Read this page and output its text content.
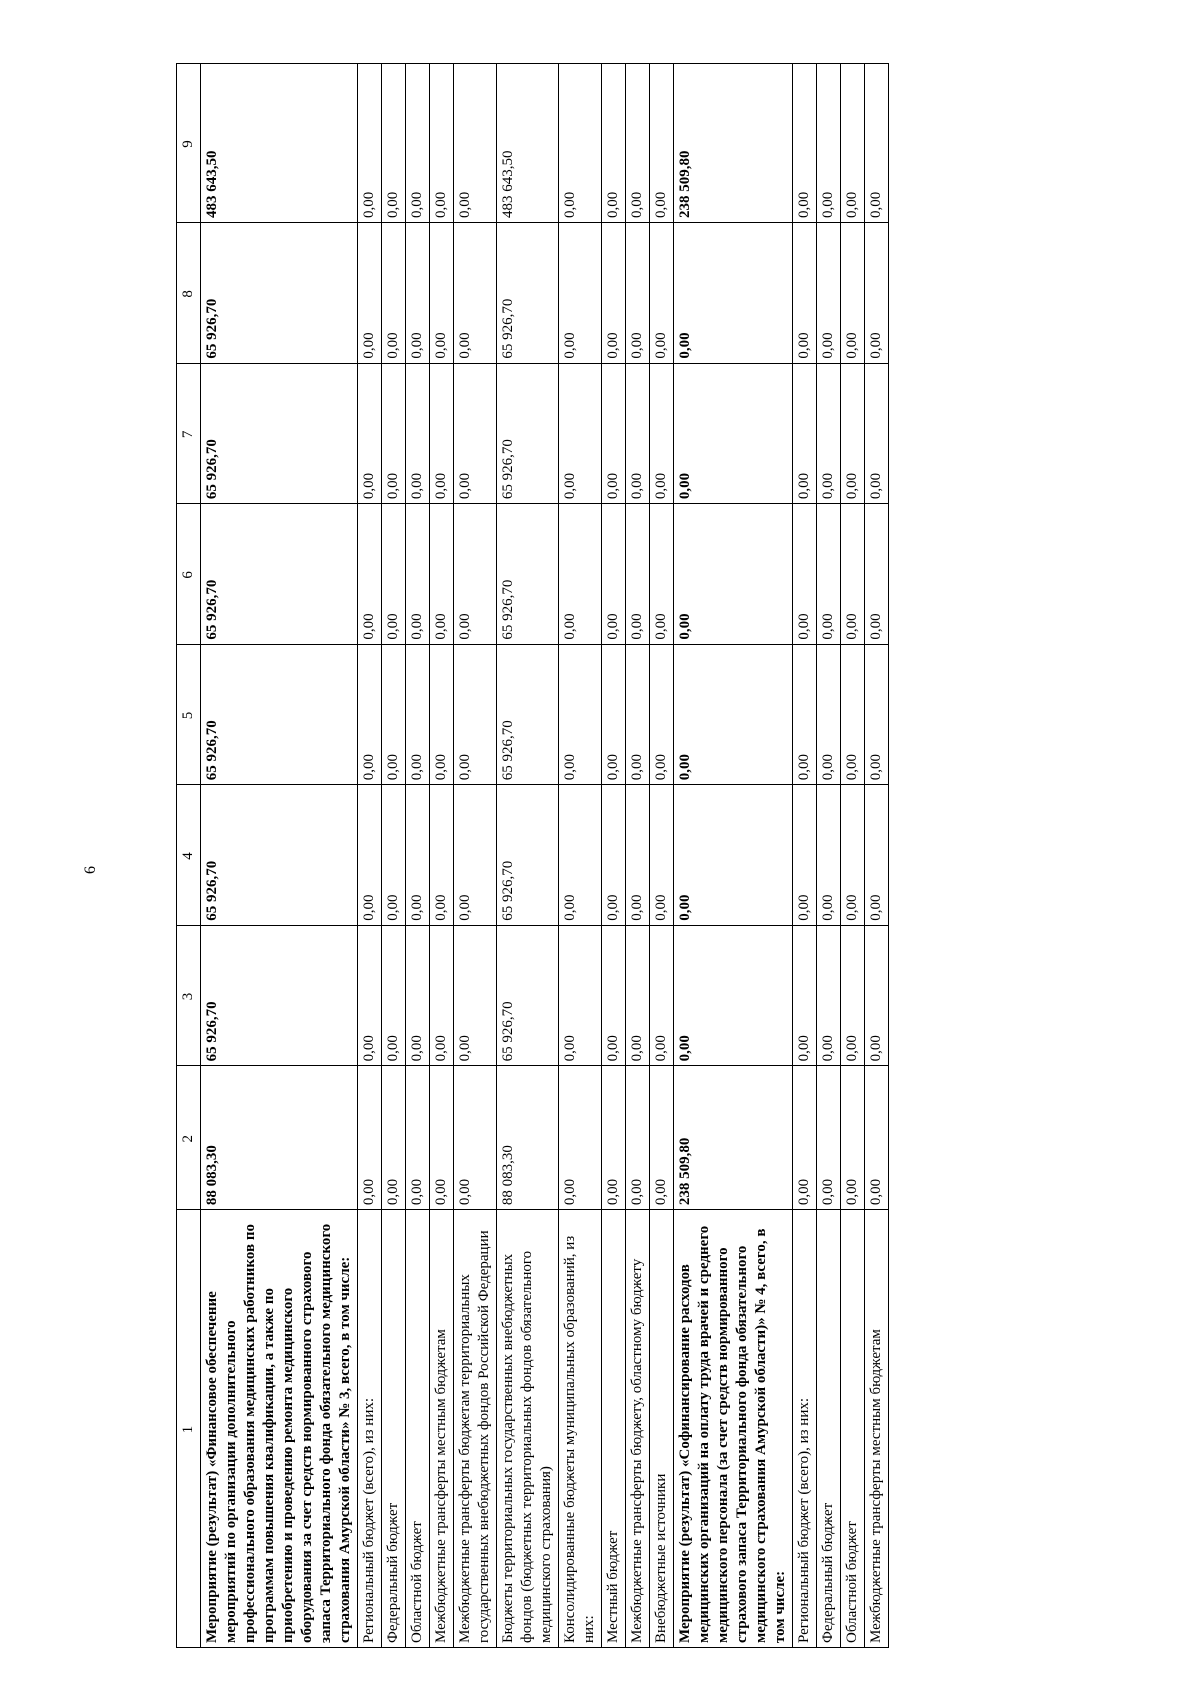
6
1	2	3	4	5	6	7	8	9
Мероприятие (результат) «Финансовое обеспечение мероприятий по организации дополнительного профессионального образования медицинских работников по программам повышения квалификации, а также по приобретению и проведению ремонта медицинского оборудования за счет средств нормированного страхового запаса Территориального фонда обязательного медицинского страхования Амурской области» № 3, всего, в том числе:	88 083,30	65 926,70	65 926,70	65 926,70	65 926,70	65 926,70	65 926,70	483 643,50
Региональный бюджет (всего), из них:	0,00	0,00	0,00	0,00	0,00	0,00	0,00	0,00
Федеральный бюджет	0,00	0,00	0,00	0,00	0,00	0,00	0,00	0,00
Областной бюджет	0,00	0,00	0,00	0,00	0,00	0,00	0,00	0,00
Межбюджетные трансферты местным бюджетам	0,00	0,00	0,00	0,00	0,00	0,00	0,00	0,00
Межбюджетные трансферты бюджетам территориальных государственных внебюджетных фондов Российской Федерации	0,00	0,00	0,00	0,00	0,00	0,00	0,00	0,00
Бюджеты территориальных государственных внебюджетных фондов (бюджетных территориальных фондов обязательного медицинского страхования)	88 083,30	65 926,70	65 926,70	65 926,70	65 926,70	65 926,70	65 926,70	483 643,50
Консолидированные бюджеты муниципальных образований, из них:	0,00	0,00	0,00	0,00	0,00	0,00	0,00	0,00
Местный бюджет	0,00	0,00	0,00	0,00	0,00	0,00	0,00	0,00
Межбюджетные трансферты бюджету, областному бюджету	0,00	0,00	0,00	0,00	0,00	0,00	0,00	0,00
Внебюджетные источники	0,00	0,00	0,00	0,00	0,00	0,00	0,00	0,00
Мероприятие (результат) «Софинансирование расходов медицинских организаций на оплату труда врачей и среднего медицинского персонала (за счет средств нормированного страхового запаса Территориального фонда обязательного медицинского страхования Амурской области)» № 4, всего, в том числе:	238 509,80	0,00	0,00	0,00	0,00	0,00	0,00	238 509,80
Региональный бюджет (всего), из них:	0,00	0,00	0,00	0,00	0,00	0,00	0,00	0,00
Федеральный бюджет	0,00	0,00	0,00	0,00	0,00	0,00	0,00	0,00
Областной бюджет	0,00	0,00	0,00	0,00	0,00	0,00	0,00	0,00
Межбюджетные трансферты местным бюджетам	0,00	0,00	0,00	0,00	0,00	0,00	0,00	0,00
